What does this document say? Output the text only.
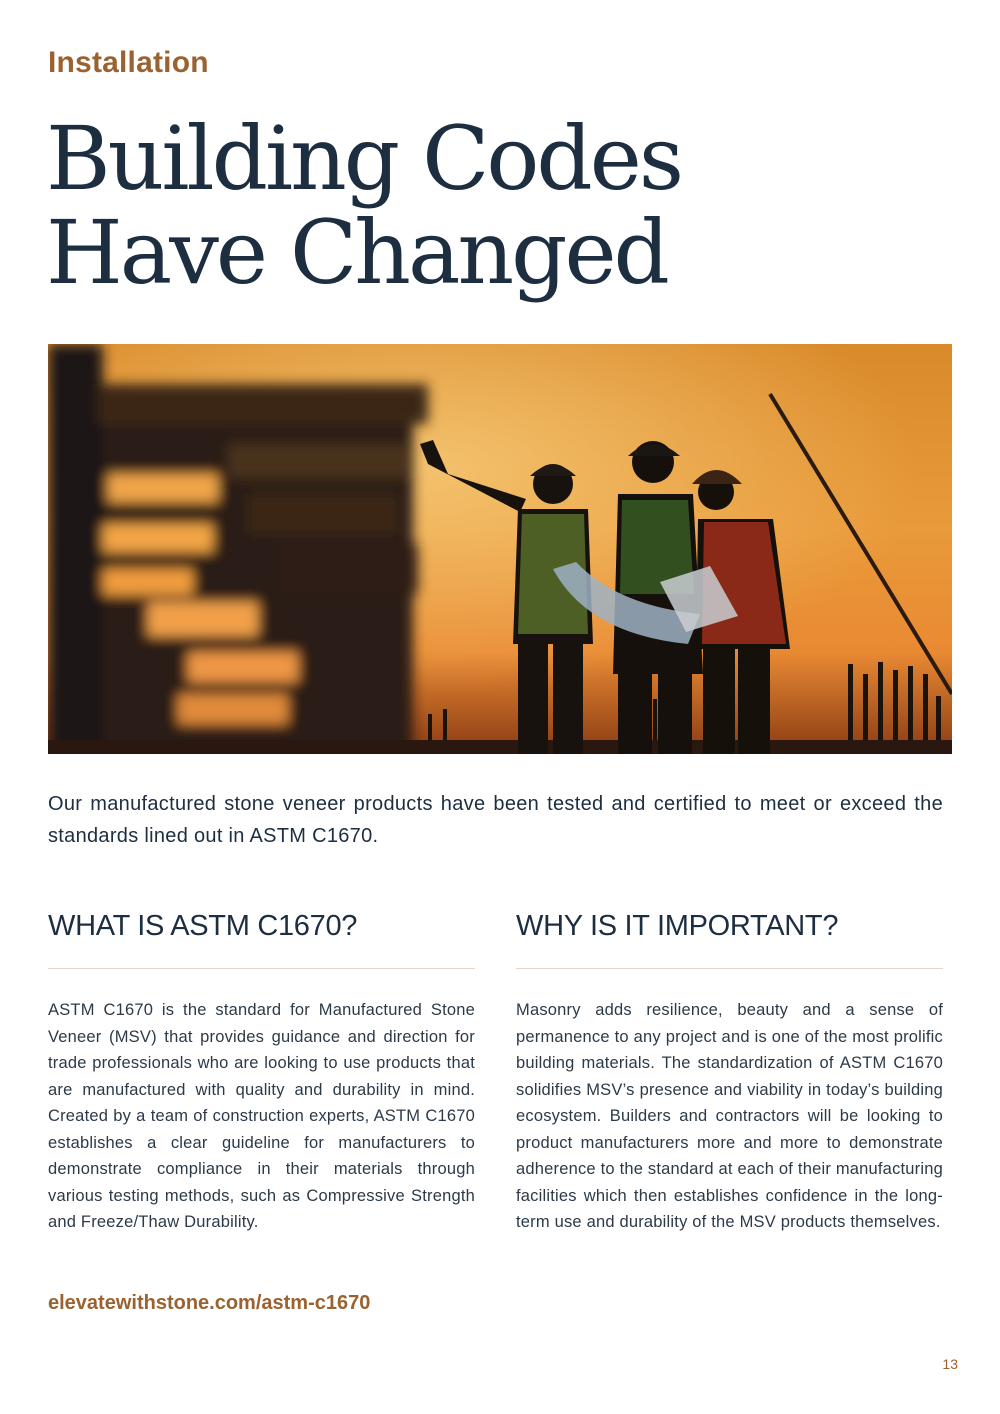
Installation
Building Codes
Have Changed
Our manufactured stone veneer products have been tested and certified to meet or exceed the standards lined out in ASTM C1670.
WHAT IS ASTM C1670?

ASTM C1670 is the standard for Manufactured Stone Veneer (MSV) that provides guidance and direction for trade professionals who are looking to use products that are manufactured with quality and durability in mind. Created by a team of construction experts, ASTM C1670 establishes a clear guideline for manufacturers to demonstrate compliance in their materials through various testing methods, such as Compressive Strength and Freeze/Thaw Durability.

WHY IS IT IMPORTANT?

Masonry adds resilience, beauty and a sense of permanence to any project and is one of the most prolific building materials. The standardization of ASTM C1670 solidifies MSV’s presence and viability in today’s building ecosystem. Builders and contractors will be looking to product manufacturers more and more to demonstrate adherence to the standard at each of their manufacturing facilities which then establishes confidence in the long-term use and durability of the MSV products themselves.

elevatewithstone.com/astm-c1670
13
